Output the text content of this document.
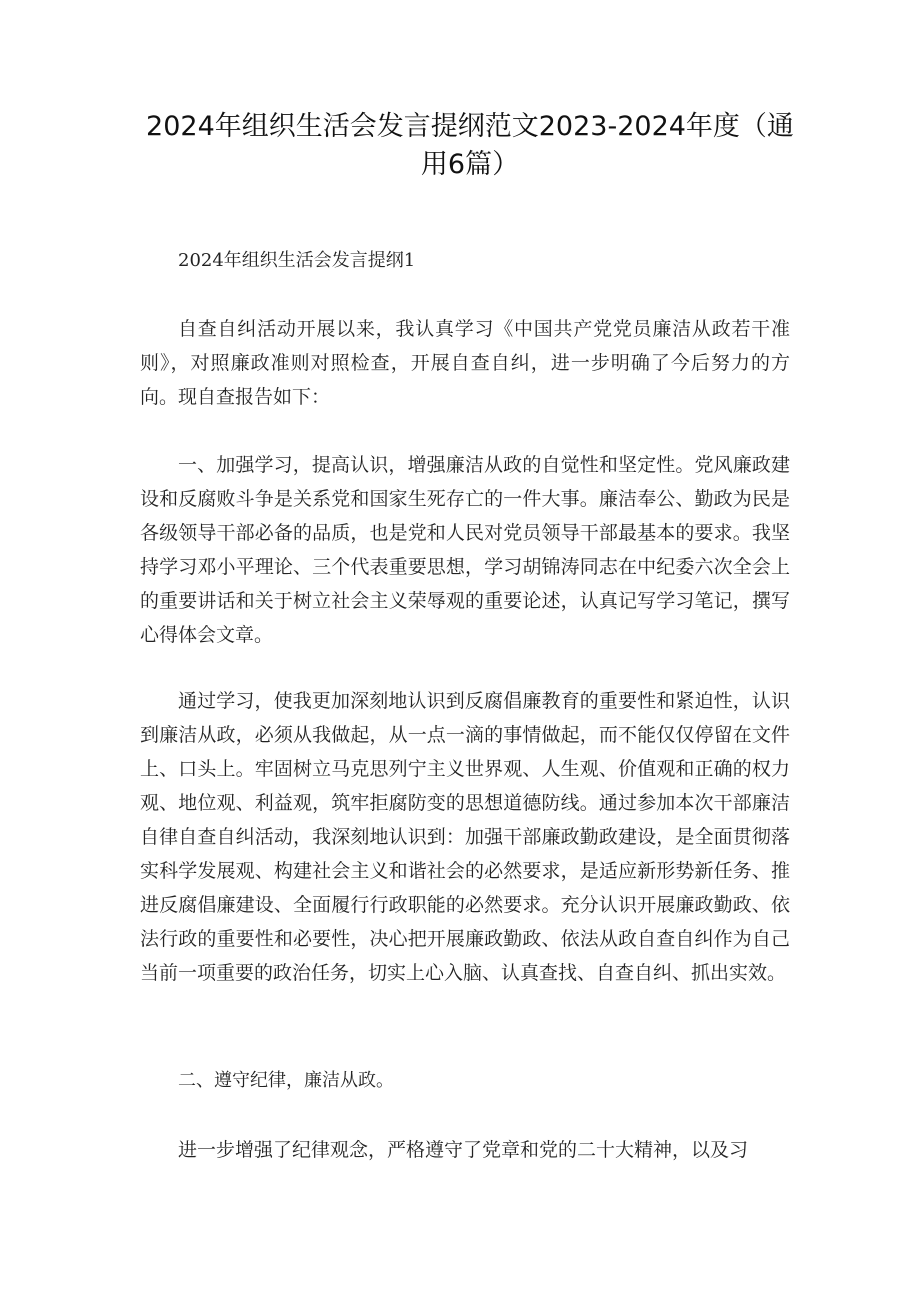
2024年组织生活会发言提纲范文2023-2024年度（通用6篇）
2024年组织生活会发言提纲1
自查自纠活动开展以来，我认真学习《中国共产党党员廉洁从政若干准则》，对照廉政准则对照检查，开展自查自纠，进一步明确了今后努力的方向。现自查报告如下：
一、加强学习，提高认识，增强廉洁从政的自觉性和坚定性。党风廉政建设和反腐败斗争是关系党和国家生死存亡的一件大事。廉洁奉公、勤政为民是各级领导干部必备的品质，也是党和人民对党员领导干部最基本的要求。我坚持学习邓小平理论、三个代表重要思想，学习胡锦涛同志在中纪委六次全会上的重要讲话和关于树立社会主义荣辱观的重要论述，认真记写学习笔记，撰写心得体会文章。
通过学习，使我更加深刻地认识到反腐倡廉教育的重要性和紧迫性，认识到廉洁从政，必须从我做起，从一点一滴的事情做起，而不能仅仅停留在文件上、口头上。牢固树立马克思列宁主义世界观、人生观、价值观和正确的权力观、地位观、利益观，筑牢拒腐防变的思想道德防线。通过参加本次干部廉洁自律自查自纠活动，我深刻地认识到：加强干部廉政勤政建设，是全面贯彻落实科学发展观、构建社会主义和谐社会的必然要求，是适应新形势新任务、推进反腐倡廉建设、全面履行行政职能的必然要求。充分认识开展廉政勤政、依法行政的重要性和必要性，决心把开展廉政勤政、依法从政自查自纠作为自己当前一项重要的政治任务，切实上心入脑、认真查找、自查自纠、抓出实效。
二、遵守纪律，廉洁从政。
进一步增强了纪律观念，严格遵守了党章和党的二十大精神，以及习
